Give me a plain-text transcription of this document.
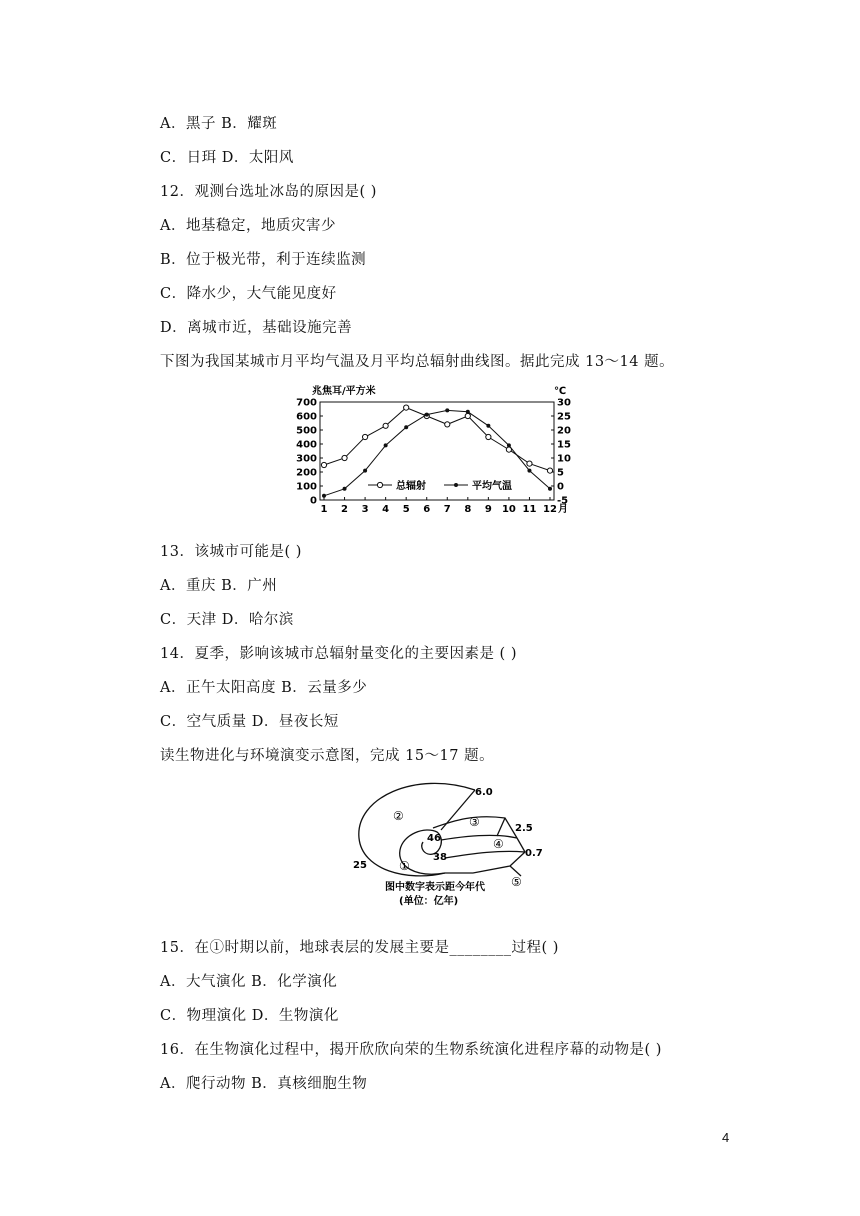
A．黑子 B．耀斑
C．日珥 D．太阳风
12．观测台选址冰岛的原因是( )
A．地基稳定，地质灾害少
B．位于极光带，利于连续监测
C．降水少，大气能见度好
D．离城市近，基础设施完善
下图为我国某城市月平均气温及月平均总辐射曲线图。据此完成 13～14 题。
兆焦耳/平方米	℃
0
100
200
300
400
500
600
700
-5
0
5
10
15
20
25
30
1 2 3 4 5 6 7 8 9 10 11 12 月
总辐射	平均气温
13．该城市可能是( )
A．重庆 B．广州
C．天津 D．哈尔滨
14．夏季，影响该城市总辐射量变化的主要因素是 ( )
A．正午太阳高度 B．云量多少
C．空气质量 D．昼夜长短
读生物进化与环境演变示意图，完成 15～17 题。
②	③
④
①
⑤
6.0
2.5
0.7
46
38
25
图中数字表示距今年代
(单位：亿年)
15．在①时期以前，地球表层的发展主要是________过程( )
A．大气演化 B．化学演化
C．物理演化 D．生物演化
16．在生物演化过程中，揭开欣欣向荣的生物系统演化进程序幕的动物是( )
A．爬行动物 B．真核细胞生物
4
